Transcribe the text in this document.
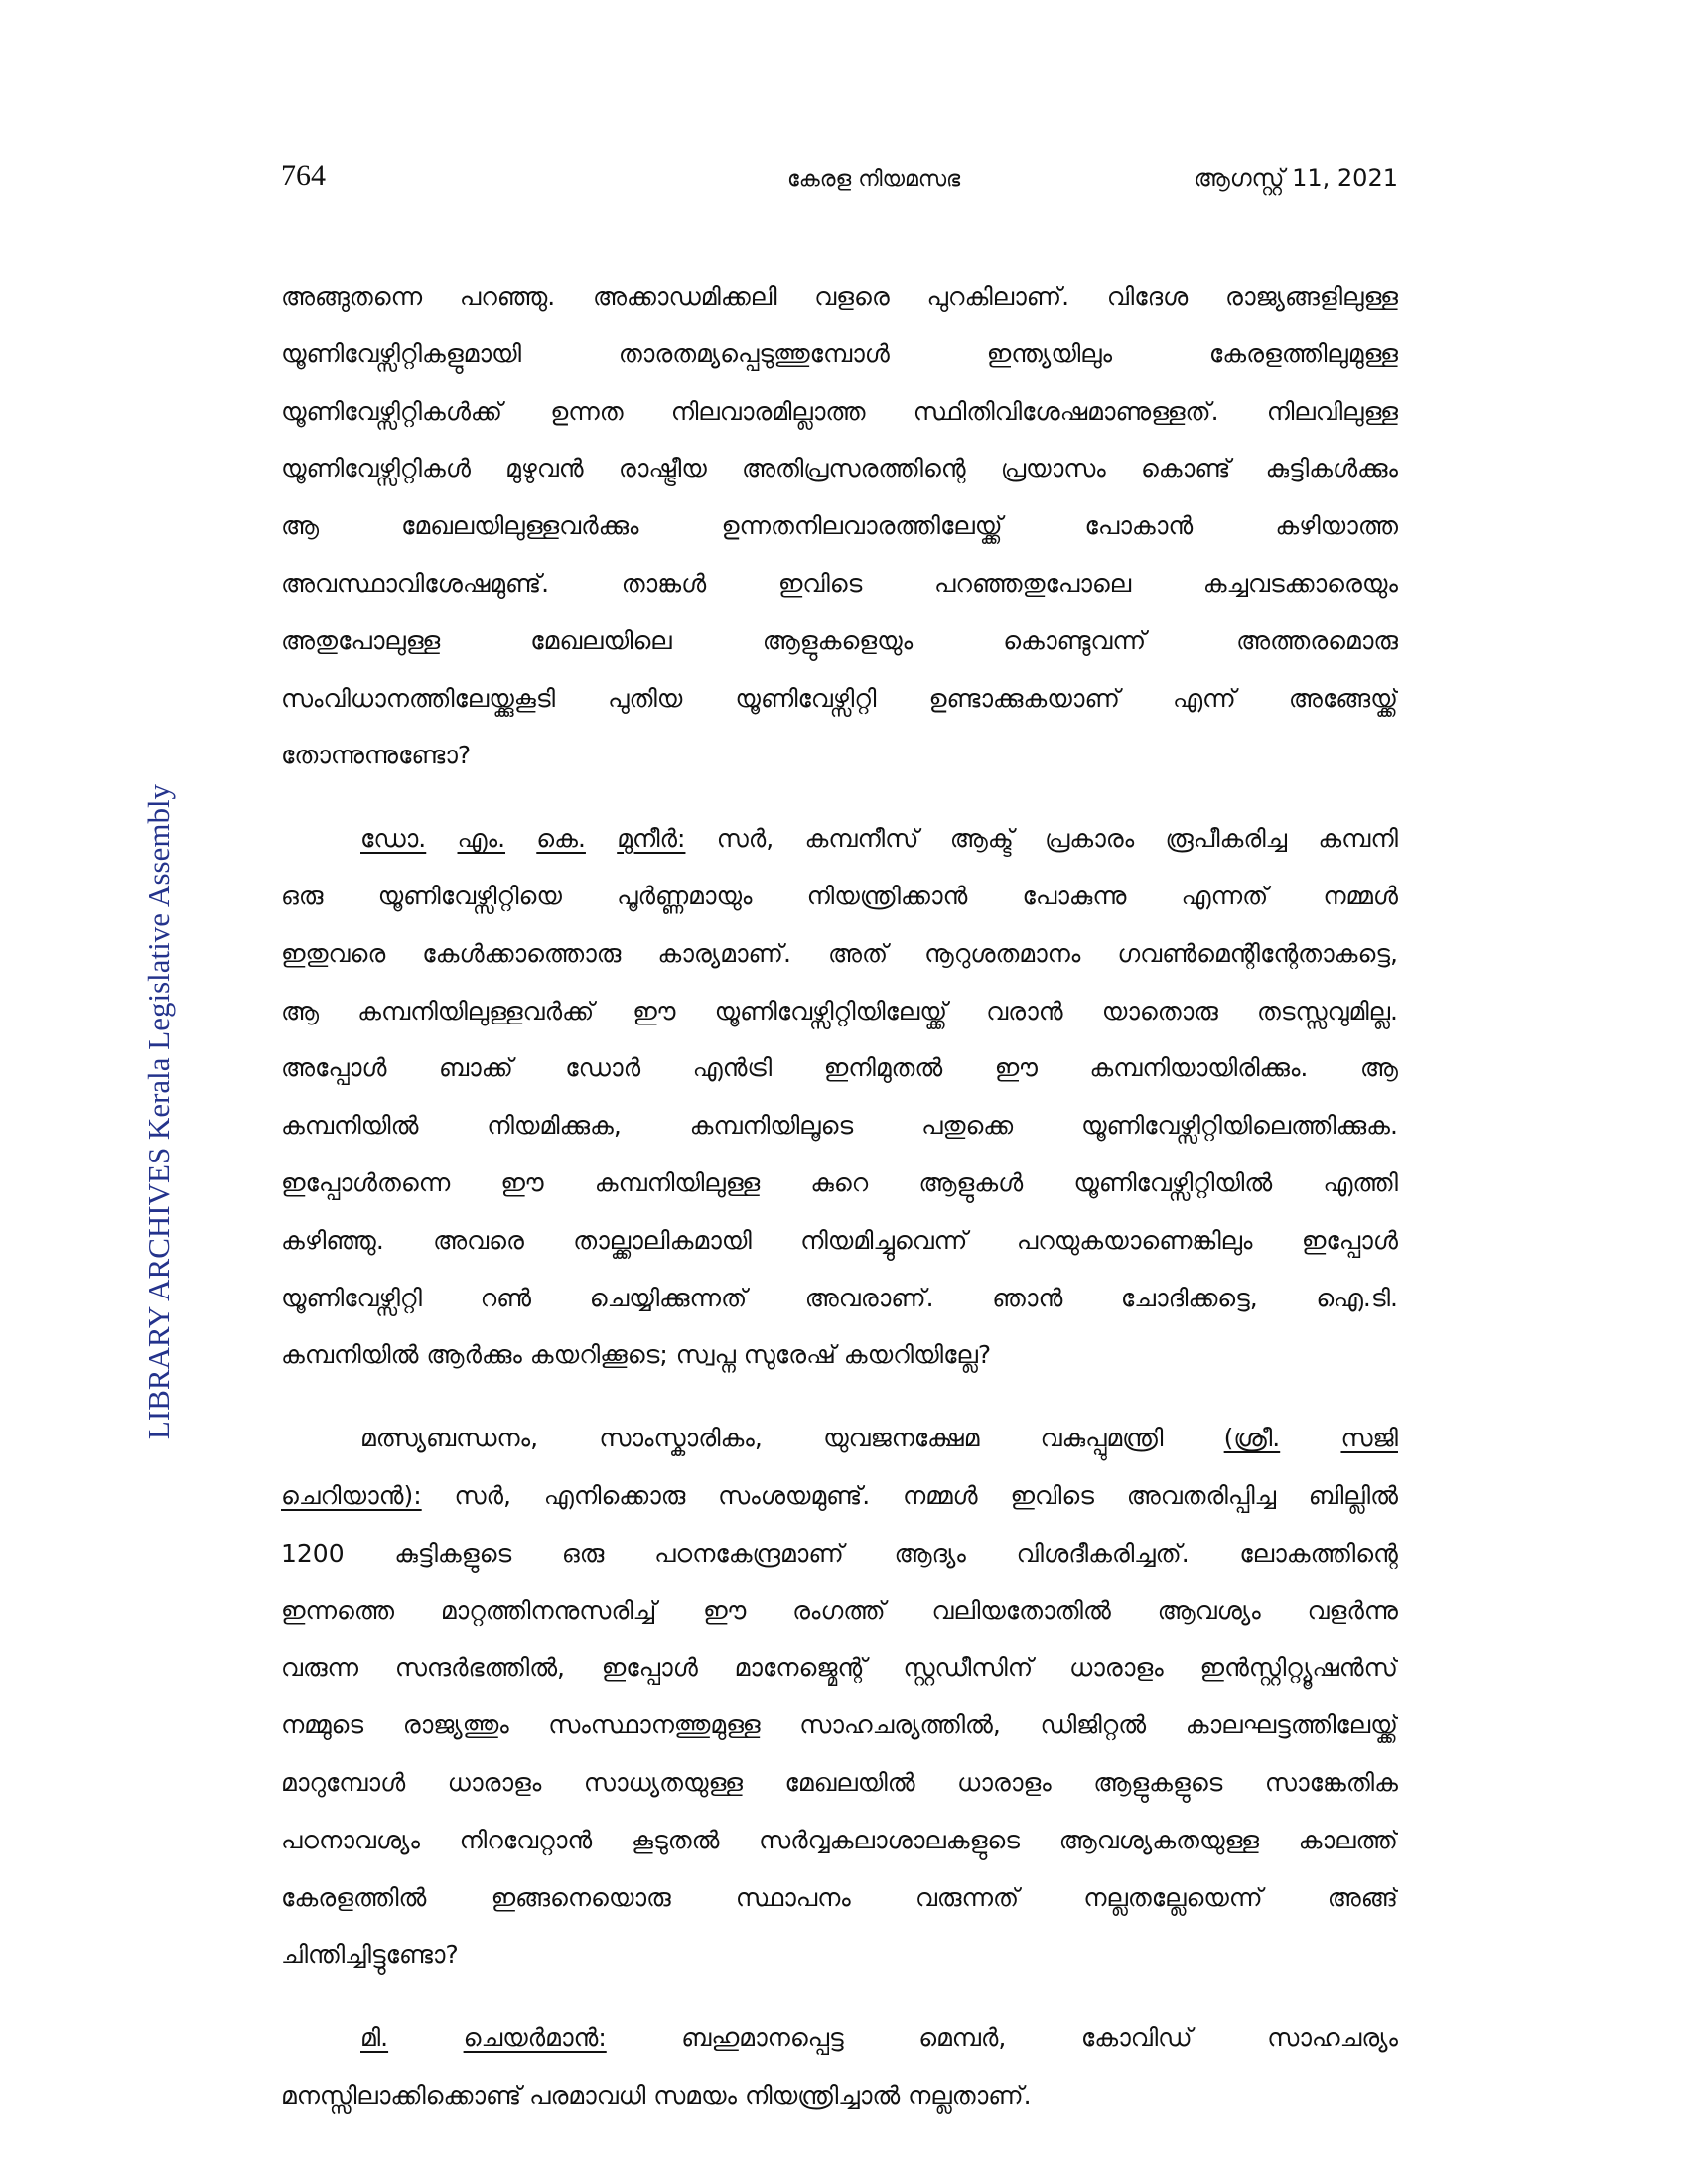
764	കേരള നിയമസഭ	ആഗസ്റ്റ് 11, 2021
LIBRARY ARCHIVES Kerala Legislative Assembly
അങ്ങുതന്നെ പറഞ്ഞു. അക്കാഡമിക്കലി വളരെ പുറകിലാണ്. വിദേശ രാജ്യങ്ങളിലുള്ള
യൂണിവേഴ്സിറ്റികളുമായി	താരതമ്യപ്പെടുത്തുമ്പോൾ	ഇന്ത്യയിലും	കേരളത്തിലുമുള്ള
യൂണിവേഴ്സിറ്റികൾക്ക് ഉന്നത നിലവാരമില്ലാത്ത സ്ഥിതിവിശേഷമാണുള്ളത്. നിലവിലുള്ള
യൂണിവേഴ്സിറ്റികൾ മുഴുവൻ രാഷ്ട്രീയ അതിപ്രസരത്തിന്റെ പ്രയാസം കൊണ്ട് കുട്ടികൾക്കും
ആ	മേഖലയിലുള്ളവർക്കും	ഉന്നതനിലവാരത്തിലേയ്ക്ക്	പോകാൻ	കഴിയാത്ത
അവസ്ഥാവിശേഷമുണ്ട്.	താങ്കൾ	ഇവിടെ	പറഞ്ഞതുപോലെ	കച്ചവടക്കാരെയും
അതുപോലുള്ള	മേഖലയിലെ	ആളുകളെയും	കൊണ്ടുവന്ന്	അത്തരമൊരു
സംവിധാനത്തിലേയ്ക്കുകൂടി പുതിയ യൂണിവേഴ്സിറ്റി ഉണ്ടാക്കുകയാണ് എന്ന് അങ്ങേയ്ക്ക്
തോന്നുന്നുണ്ടോ?
ഡോ. എം. കെ. മുനീർ: സർ, കമ്പനീസ് ആക്ട് പ്രകാരം രൂപീകരിച്ച കമ്പനി
ഒരു യൂണിവേഴ്സിറ്റിയെ പൂർണ്ണമായും നിയന്ത്രിക്കാൻ പോകുന്നു എന്നത് നമ്മൾ
ഇതുവരെ കേൾക്കാത്തൊരു കാര്യമാണ്. അത് നൂറുശതമാനം ഗവൺമെന്റിന്റേതാകട്ടെ,
ആ കമ്പനിയിലുള്ളവർക്ക് ഈ യൂണിവേഴ്സിറ്റിയിലേയ്ക്ക് വരാൻ യാതൊരു തടസ്സവുമില്ല.
അപ്പോൾ ബാക്ക് ഡോർ എൻട്രി ഇനിമുതൽ ഈ കമ്പനിയായിരിക്കും. ആ
കമ്പനിയിൽ	നിയമിക്കുക,	കമ്പനിയിലൂടെ	പതുക്കെ	യൂണിവേഴ്സിറ്റിയിലെത്തിക്കുക.
ഇപ്പോൾതന്നെ ഈ കമ്പനിയിലുള്ള കുറെ ആളുകൾ യൂണിവേഴ്സിറ്റിയിൽ എത്തി
കഴിഞ്ഞു. അവരെ താല്ക്കാലികമായി നിയമിച്ചുവെന്ന് പറയുകയാണെങ്കിലും ഇപ്പോൾ
യൂണിവേഴ്സിറ്റി റൺ ചെയ്യിക്കുന്നത് അവരാണ്. ഞാൻ ചോദിക്കട്ടെ, ഐ.ടി.
കമ്പനിയിൽ ആർക്കും കയറിക്കൂടെ; സ്വപ്ന സുരേഷ് കയറിയില്ലേ?
മത്സ്യബന്ധനം, സാംസ്കാരികം, യുവജനക്ഷേമ വകുപ്പുമന്ത്രി (ശ്രീ. സജി
ചെറിയാൻ): സർ, എനിക്കൊരു സംശയമുണ്ട്. നമ്മൾ ഇവിടെ അവതരിപ്പിച്ച ബില്ലിൽ
1200 കുട്ടികളുടെ ഒരു പഠനകേന്ദ്രമാണ് ആദ്യം വിശദീകരിച്ചത്. ലോകത്തിന്റെ
ഇന്നത്തെ മാറ്റത്തിനനുസരിച്ച് ഈ രംഗത്ത് വലിയതോതിൽ ആവശ്യം വളർന്നു
വരുന്ന സന്ദർഭത്തിൽ, ഇപ്പോൾ മാനേജ്മെന്റ് സ്റ്റഡീസിന് ധാരാളം ഇൻസ്റ്റിറ്റ്യൂഷൻസ്
നമ്മുടെ രാജ്യത്തും സംസ്ഥാനത്തുമുള്ള സാഹചര്യത്തിൽ, ഡിജിറ്റൽ കാലഘട്ടത്തിലേയ്ക്ക്
മാറുമ്പോൾ ധാരാളം സാധ്യതയുള്ള മേഖലയിൽ ധാരാളം ആളുകളുടെ സാങ്കേതിക
പഠനാവശ്യം നിറവേറ്റാൻ കൂടുതൽ സർവ്വകലാശാലകളുടെ ആവശ്യകതയുള്ള കാലത്ത്
കേരളത്തിൽ	ഇങ്ങനെയൊരു	സ്ഥാപനം	വരുന്നത്	നല്ലതല്ലേയെന്ന്	അങ്ങ്
ചിന്തിച്ചിട്ടുണ്ടോ?
മി.	ചെയർമാൻ:	ബഹുമാനപ്പെട്ട	മെമ്പർ,	കോവിഡ്	സാഹചര്യം
മനസ്സിലാക്കിക്കൊണ്ട് പരമാവധി സമയം നിയന്ത്രിച്ചാൽ നല്ലതാണ്.
